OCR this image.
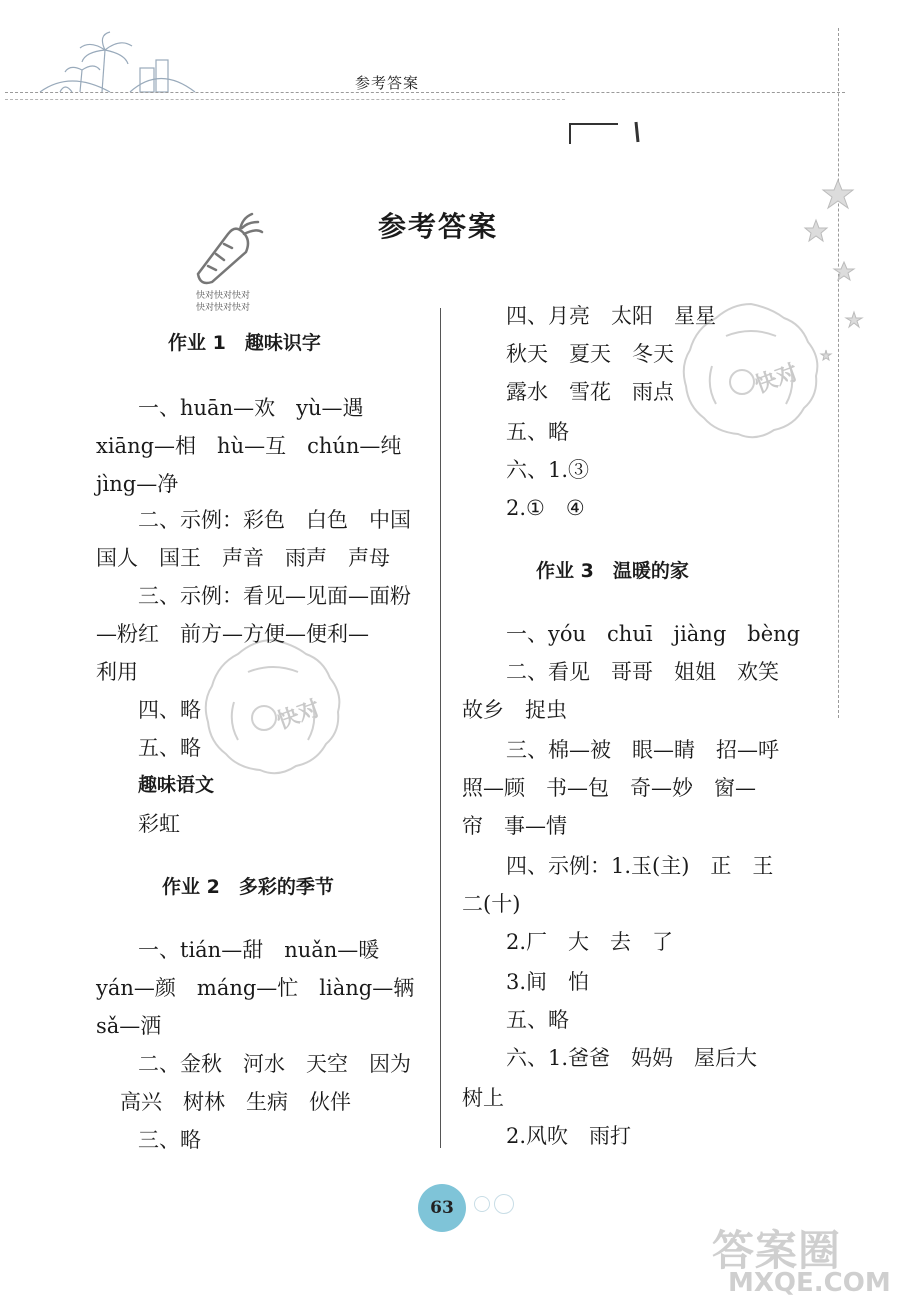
参考答案
快对快对快对
快对快对快对
参考答案
快对
快对
作业 1　趣味识字
一、huān—欢　yù—遇
xiāng—相　hù—互　chún—纯
jìng—净
二、示例：彩色　白色　中国
国人　国王　声音　雨声　声母
三、示例：看见—见面—面粉
—粉红　前方—方便—便利—
利用
四、略
五、略
趣味语文
彩虹
作业 2　多彩的季节
一、tián—甜　nuǎn—暖
yán—颜　máng—忙　liàng—辆
sǎ—洒
二、金秋　河水　天空　因为
高兴　树林　生病　伙伴
三、略
四、月亮　太阳　星星
秋天　夏天　冬天
露水　雪花　雨点
五、略
六、1.③
2.①　④
作业 3　温暖的家
一、yóu　chuī　jiàng　bèng
二、看见　哥哥　姐姐　欢笑
故乡　捉虫
三、棉—被　眼—睛　招—呼
照—顾　书—包　奇—妙　窗—
帘　事—情
四、示例：1.玉(主)　正　王
二(十)
2.厂　大　去　了
3.间　怕
五、略
六、1.爸爸　妈妈　屋后大
树上
2.风吹　雨打
63
答案圈
MXQE.COM
